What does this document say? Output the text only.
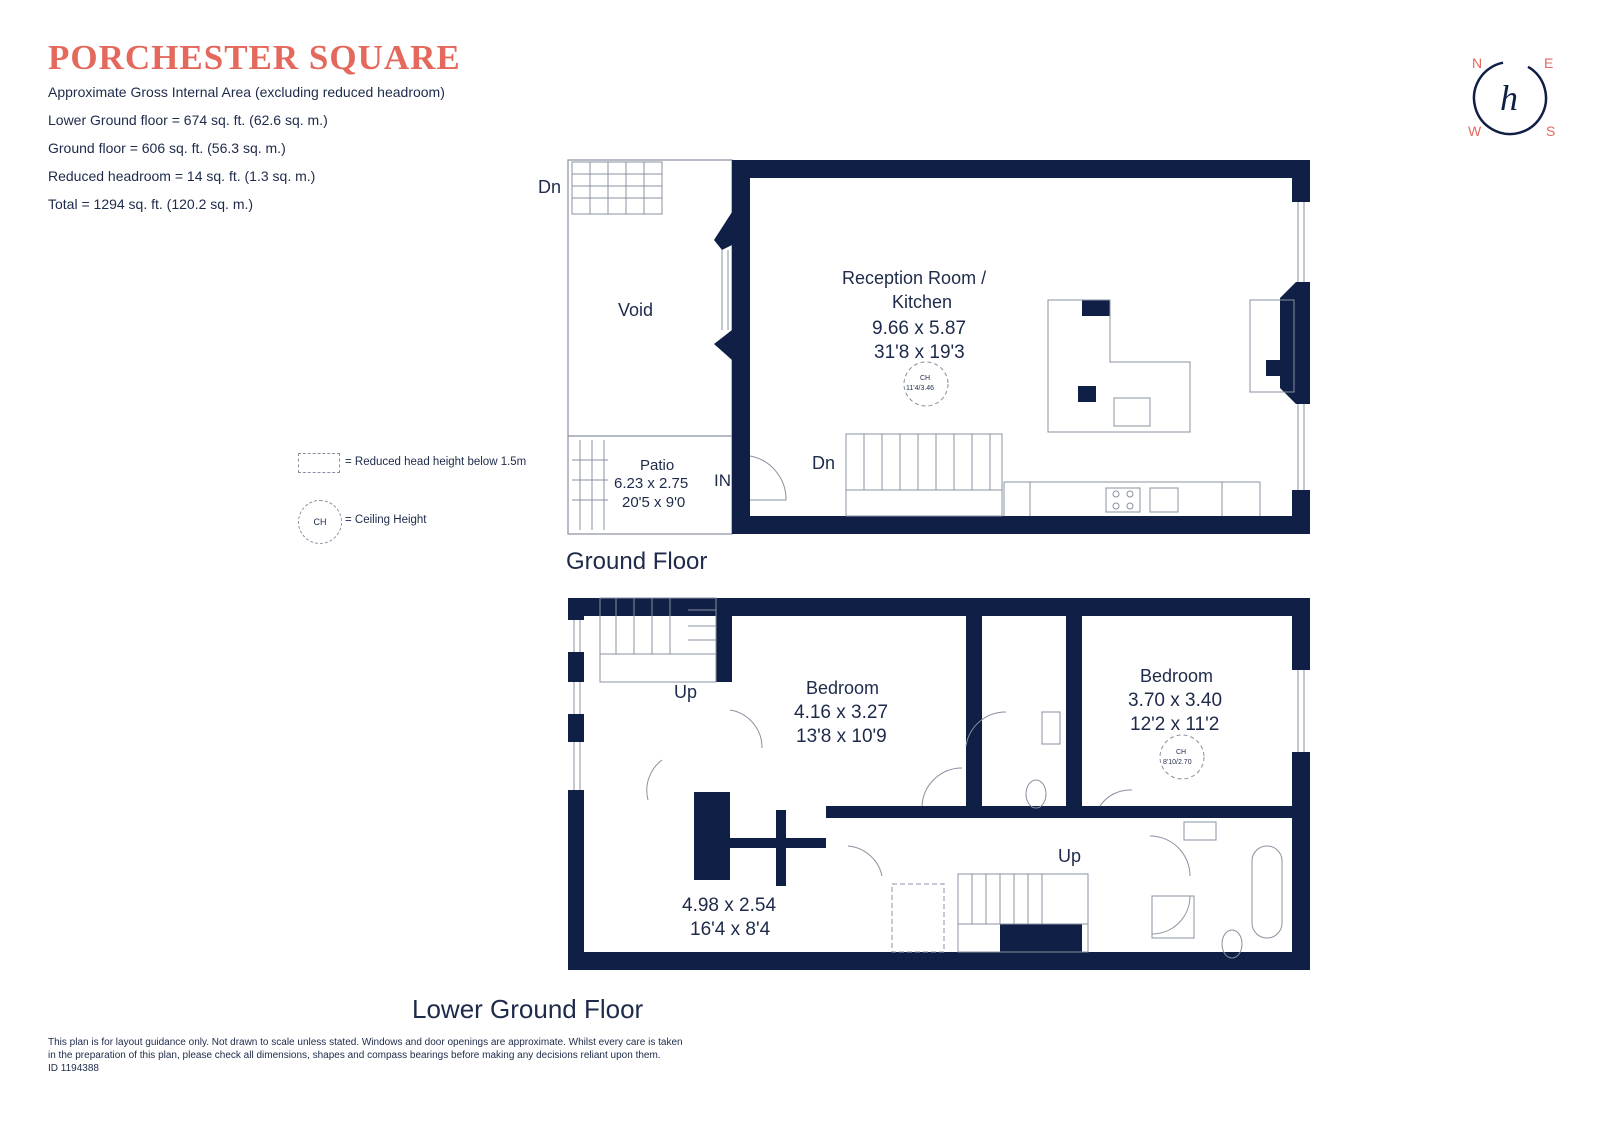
PORCHESTER SQUARE
Approximate Gross Internal Area (excluding reduced headroom)
Lower Ground floor = 674 sq. ft. (62.6 sq. m.)
Ground floor = 606 sq. ft. (56.3 sq. m.)
Reduced headroom = 14 sq. ft. (1.3 sq. m.)
Total = 1294 sq. ft. (120.2 sq. m.)
= Reduced head height below 1.5m
CH = Ceiling Height
N	E
W	S
h
Dn
Void
Reception Room /
Kitchen
9.66 x 5.87
31'8 x 19'3
CH
11'4/3.46
Patio
6.23 x 2.75
20'5 x 9'0
IN
Dn
Ground Floor
Up	Bedroom
4.16 x 3.27
13'8 x 10'9
Bedroom
3.70 x 3.40
12'2 x 11'2
CH
8'10/2.70
Up
4.98 x 2.54
16'4 x 8'4
Lower Ground Floor
This plan is for layout guidance only. Not drawn to scale unless stated. Windows and door openings are approximate. Whilst every care is taken
in the preparation of this plan, please check all dimensions, shapes and compass bearings before making any decisions reliant upon them.
ID 1194388
